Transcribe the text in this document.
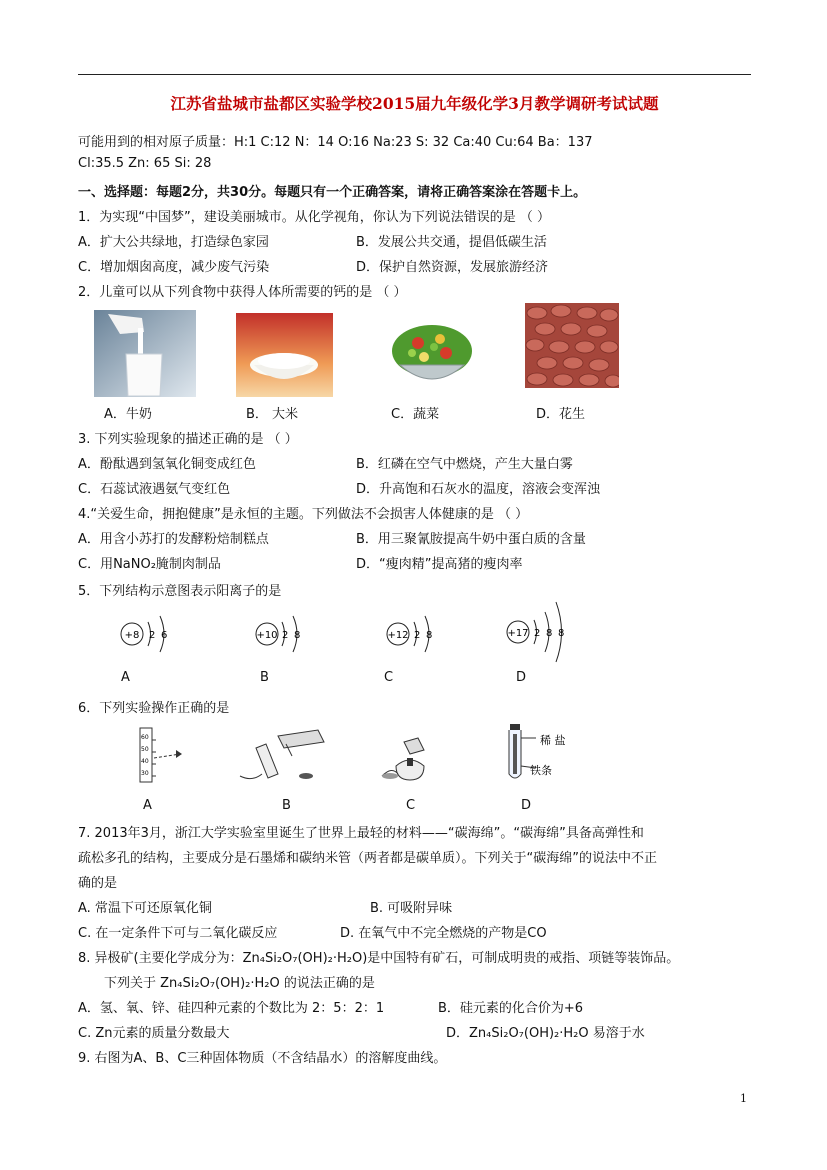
江苏省盐城市盐都区实验学校2015届九年级化学3月教学调研考试试题
可能用到的相对原子质量：H:1 C:12 N：14 O:16 Na:23 S: 32 Ca:40 Cu:64 Ba：137
Cl:35.5 Zn: 65 Si: 28
一、选择题：每题2分，共30分。每题只有一个正确答案，请将正确答案涂在答题卡上。
1．为实现“中国梦”，建设美丽城市。从化学视角，你认为下列说法错误的是 （ ）
A．扩大公共绿地，打造绿色家园	B．发展公共交通，提倡低碳生活
C．增加烟囱高度，减少废气污染	D．保护自然资源，发展旅游经济
2．儿童可以从下列食物中获得人体所需要的钙的是 （ ）
A．牛奶	B． 大米	C．蔬菜	D．花生
3. 下列实验现象的描述正确的是 （ ）
A．酚酞遇到氢氧化铜变成红色	B．红磷在空气中燃烧，产生大量白雾
C．石蕊试液遇氨气变红色	D．升高饱和石灰水的温度，溶液会变浑浊
4.“关爱生命，拥抱健康”是永恒的主题。下列做法不会损害人体健康的是 （ ）
A．用含小苏打的发酵粉焙制糕点	B．用三聚氰胺提高牛奶中蛋白质的含量
C．用NaNO₂腌制肉制品	D．“瘦肉精”提高猪的瘦肉率
5．下列结构示意图表示阳离子的是
+8 2 6	+10 2 8	+12 2 8	+17 2 8 8
A	B	C	D
6．下列实验操作正确的是
60
50
40
30
稀 盐
铁条
A	B	C	D
7. 2013年3月，浙江大学实验室里诞生了世界上最轻的材料——“碳海绵”。“碳海绵”具备高弹性和
疏松多孔的结构，主要成分是石墨烯和碳纳米管（两者都是碳单质）。下列关于“碳海绵”的说法中不正
确的是
A. 常温下可还原氧化铜	B. 可吸附异味
C. 在一定条件下可与二氧化碳反应	D. 在氧气中不完全燃烧的产物是CO
8. 异极矿(主要化学成分为：Zn₄Si₂O₇(OH)₂·H₂O)是中国特有矿石，可制成明贵的戒指、项链等装饰品。
下列关于 Zn₄Si₂O₇(OH)₂·H₂O 的说法正确的是
A．氢、氧、锌、硅四种元素的个数比为 2：5：2：1	B．硅元素的化合价为+6
C. Zn元素的质量分数最大	D．Zn₄Si₂O₇(OH)₂·H₂O 易溶于水
9. 右图为A、B、C三种固体物质（不含结晶水）的溶解度曲线。
1
